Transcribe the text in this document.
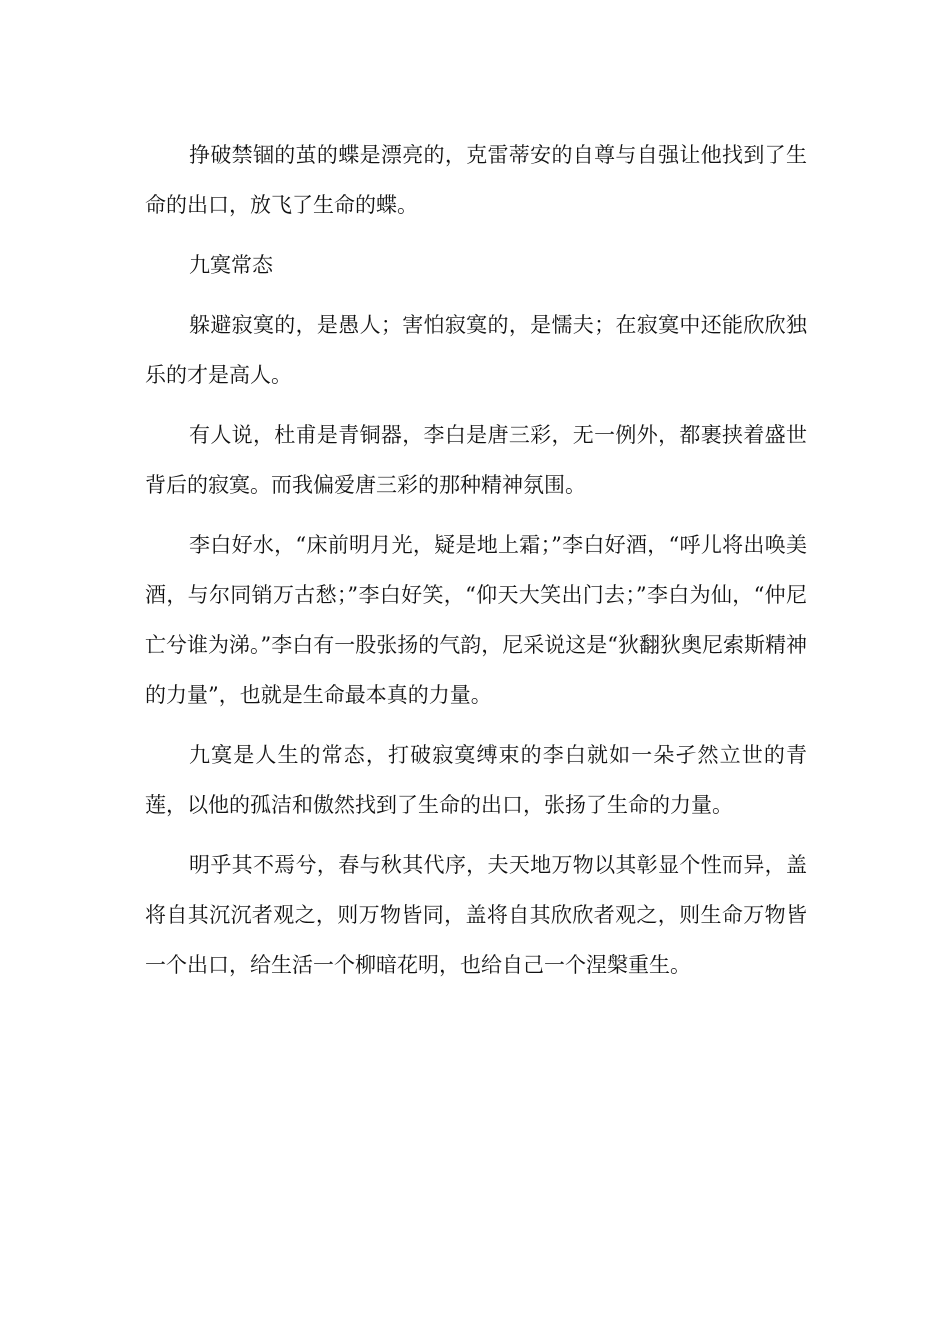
挣破禁锢的茧的蝶是漂亮的，克雷蒂安的自尊与自强让他找到了生命的出口，放飞了生命的蝶。

九寞常态

躲避寂寞的，是愚人；害怕寂寞的，是懦夫；在寂寞中还能欣欣独乐的才是高人。

有人说，杜甫是青铜器，李白是唐三彩，无一例外，都裹挟着盛世背后的寂寞。而我偏爱唐三彩的那种精神氛围。

李白好水，“床前明月光，疑是地上霜；”李白好酒，“呼儿将出唤美酒，与尔同销万古愁；”李白好笑，“仰天大笑出门去；”李白为仙，“仲尼亡兮谁为涕。”李白有一股张扬的气韵，尼采说这是“狄翻狄奥尼索斯精神的力量”，也就是生命最本真的力量。

九寞是人生的常态，打破寂寞缚束的李白就如一朵孑然立世的青莲，以他的孤洁和傲然找到了生命的出口，张扬了生命的力量。

明乎其不焉兮，春与秋其代序，夫天地万物以其彰显个性而异，盖将自其沉沉者观之，则万物皆同，盖将自其欣欣者观之，则生命万物皆一个出口，给生活一个柳暗花明，也给自己一个涅槃重生。
